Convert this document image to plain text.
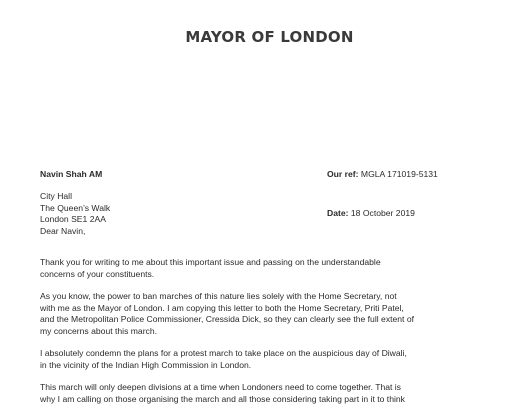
MAYOR OF LONDON
Navin Shah AM	Our ref: MGLA 171019-5131
City Hall
The Queen’s Walk
London SE1 2AA
Dear Navin,
Date: 18 October 2019
Thank you for writing to me about this important issue and passing on the understandable
concerns of your constituents.
As you know, the power to ban marches of this nature lies solely with the Home Secretary, not
with me as the Mayor of London. I am copying this letter to both the Home Secretary, Priti Patel,
and the Metropolitan Police Commissioner, Cressida Dick, so they can clearly see the full extent of
my concerns about this march.
I absolutely condemn the plans for a protest march to take place on the auspicious day of Diwali,
in the vicinity of the Indian High Commission in London.
This march will only deepen divisions at a time when Londoners need to come together. That is
why I am calling on those organising the march and all those considering taking part in it to think
